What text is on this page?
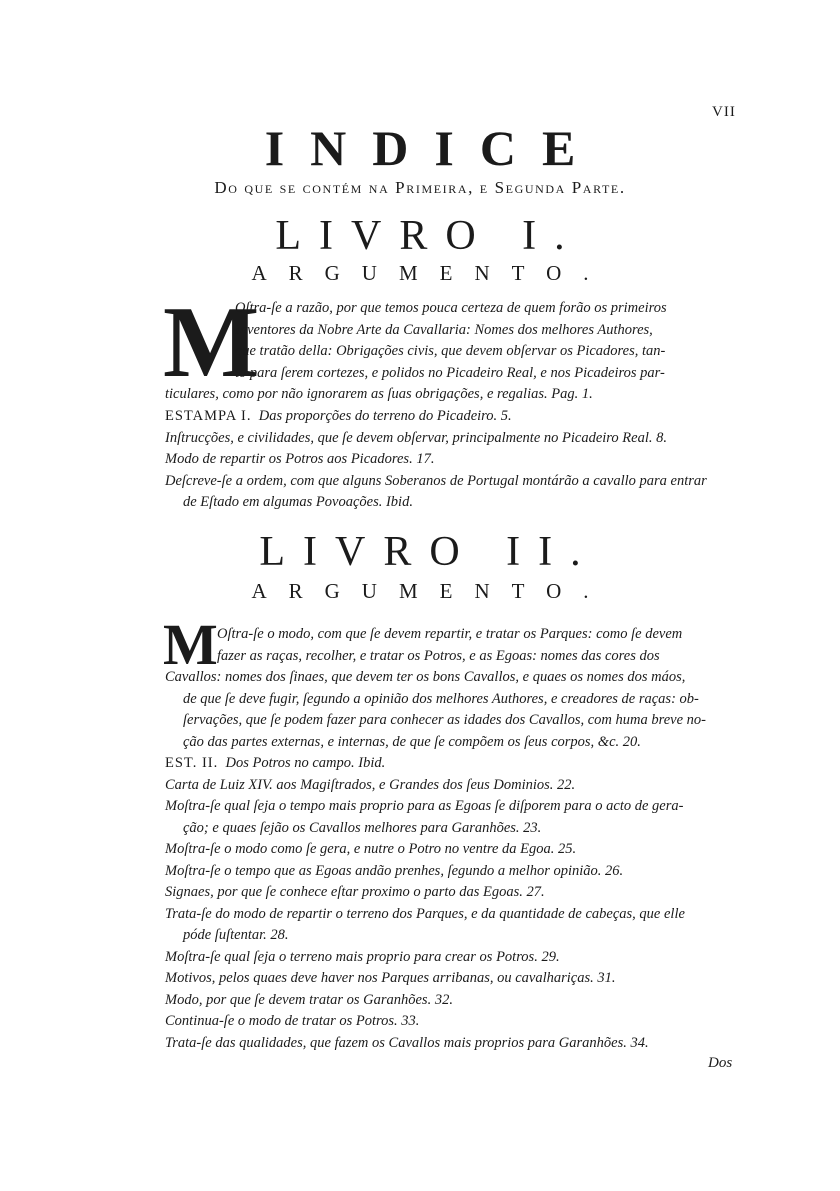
VII
INDICE
Do que se contém na Primeira, e Segunda Parte.
LIVRO I.
ARGUMENTO.
M
Oſtra-ſe a razão, por que temos pouca certeza de quem forão os primeiros
Inventores da Nobre Arte da Cavallaria: Nomes dos melhores Authores,
que tratão della: Obrigações civis, que devem obſervar os Picadores, tan-
to para ſerem cortezes, e polidos no Picadeiro Real, e nos Picadeiros par-
ticulares, como por não ignorarem as ſuas obrigações, e regalias. Pag. 1.
ESTAMPA I. Das proporções do terreno do Picadeiro. 5.
Inſtrucções, e civilidades, que ſe devem obſervar, principalmente no Picadeiro Real. 8.
Modo de repartir os Potros aos Picadores. 17.
Deſcreve-ſe a ordem, com que alguns Soberanos de Portugal montárão a cavallo para entrar
de Eſtado em algumas Povoações. Ibid.
LIVRO II.
ARGUMENTO.
M Oſtra-ſe o modo, com que ſe devem repartir, e tratar os Parques: como ſe devem
fazer as raças, recolher, e tratar os Potros, e as Egoas: nomes das cores dos
Cavallos: nomes dos ſinaes, que devem ter os bons Cavallos, e quaes os nomes dos máos,
de que ſe deve fugir, ſegundo a opinião dos melhores Authores, e creadores de raças: ob-
ſervações, que ſe podem fazer para conhecer as idades dos Cavallos, com huma breve no-
ção das partes externas, e internas, de que ſe compõem os ſeus corpos, &c. 20.
EST. II. Dos Potros no campo. Ibid.
Carta de Luiz XIV. aos Magiſtrados, e Grandes dos ſeus Dominios. 22.
Moſtra-ſe qual ſeja o tempo mais proprio para as Egoas ſe diſporem para o acto de gera-
ção; e quaes ſejão os Cavallos melhores para Garanhões. 23.
Moſtra-ſe o modo como ſe gera, e nutre o Potro no ventre da Egoa. 25.
Moſtra-ſe o tempo que as Egoas andão prenhes, ſegundo a melhor opinião. 26.
Signaes, por que ſe conhece eſtar proximo o parto das Egoas. 27.
Trata-ſe do modo de repartir o terreno dos Parques, e da quantidade de cabeças, que elle
póde ſuſtentar. 28.
Moſtra-ſe qual ſeja o terreno mais proprio para crear os Potros. 29.
Motivos, pelos quaes deve haver nos Parques arribanas, ou cavalhariças. 31.
Modo, por que ſe devem tratar os Garanhões. 32.
Continua-ſe o modo de tratar os Potros. 33.
Trata-ſe das qualidades, que fazem os Cavallos mais proprios para Garanhões. 34.
Dos
